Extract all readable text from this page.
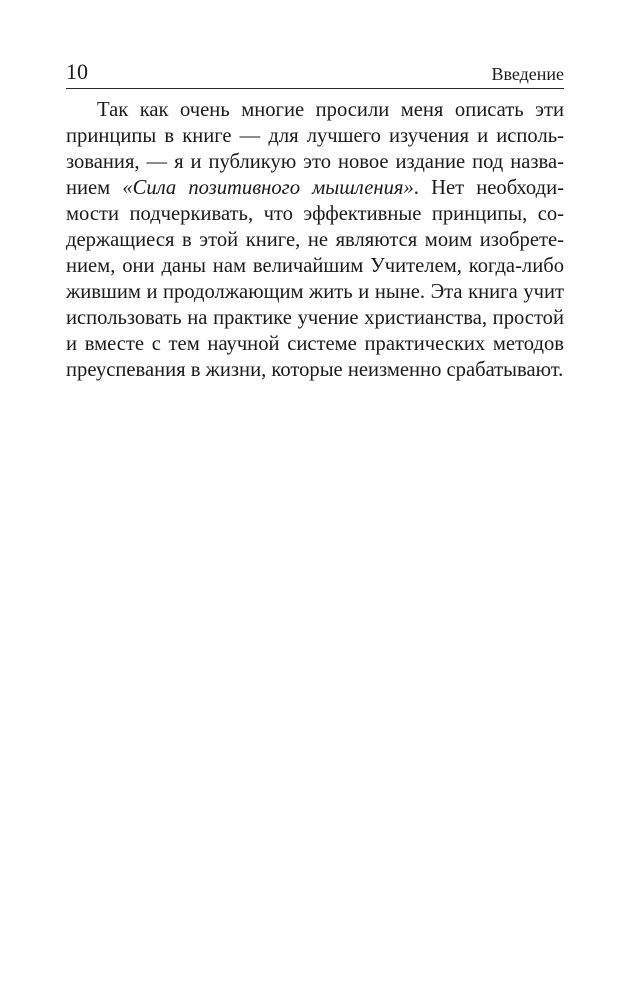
10	Введение
Так как очень многие просили меня описать эти
принципы в книге — для лучшего изучения и исполь-
зования, — я и публикую это новое издание под назва-
нием «Сила позитивного мышления». Нет необходи-
мости подчеркивать, что эффективные принципы, со-
держащиеся в этой книге, не являются моим изобрете-
нием, они даны нам величайшим Учителем, когда-либо
жившим и продолжающим жить и ныне. Эта книга учит
использовать на практике учение христианства, простой
и вместе с тем научной системе практических методов
преуспевания в жизни, которые неизменно срабатывают.
